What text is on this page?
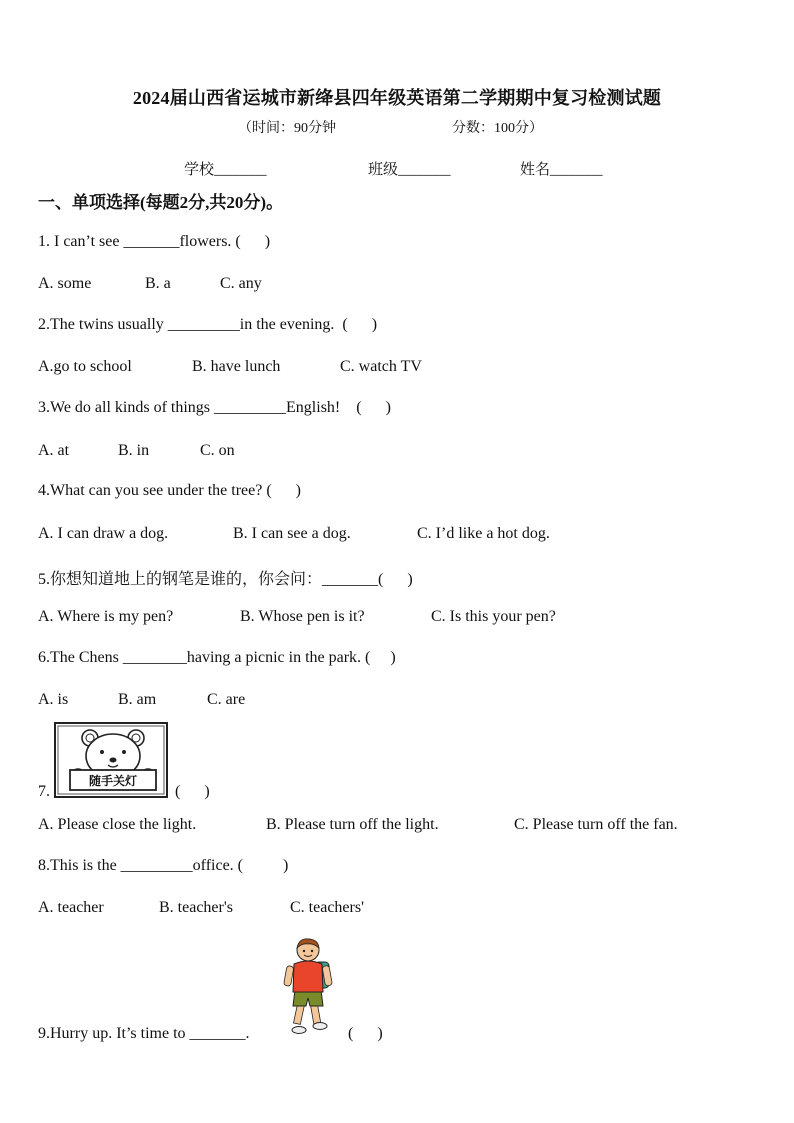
2024届山西省运城市新绛县四年级英语第二学期期中复习检测试题
（时间：90分钟	分数：100分）
学校_______	班级_______	姓名_______
一、单项选择(每题2分,共20分)。
1. I can’t see _______flowers. (      )
A. some	B. a	C. any
2.The twins usually _________in the evening.  (      )
A.go to school	B. have lunch	C. watch TV
3.We do all kinds of things _________English!    (      )
A. at	B. in	C. on
4.What can you see under the tree? (      )
A. I can draw a dog.	B. I can see a dog.	C. I’d like a hot dog.
5.你想知道地上的钢笔是谁的，你会问：_______(      )
A. Where is my pen?	B. Whose pen is it?	C. Is this your pen?
6.The Chens ________having a picnic in the park. (     )
A. is	B. am	C. are
7.
随手关灯
(      )
A. Please close the light.	B. Please turn off the light.	C. Please turn off the fan.
8.This is the _________office. (          )
A. teacher	B. teacher's	C. teachers'
9.Hurry up. It’s time to _______.	(      )
